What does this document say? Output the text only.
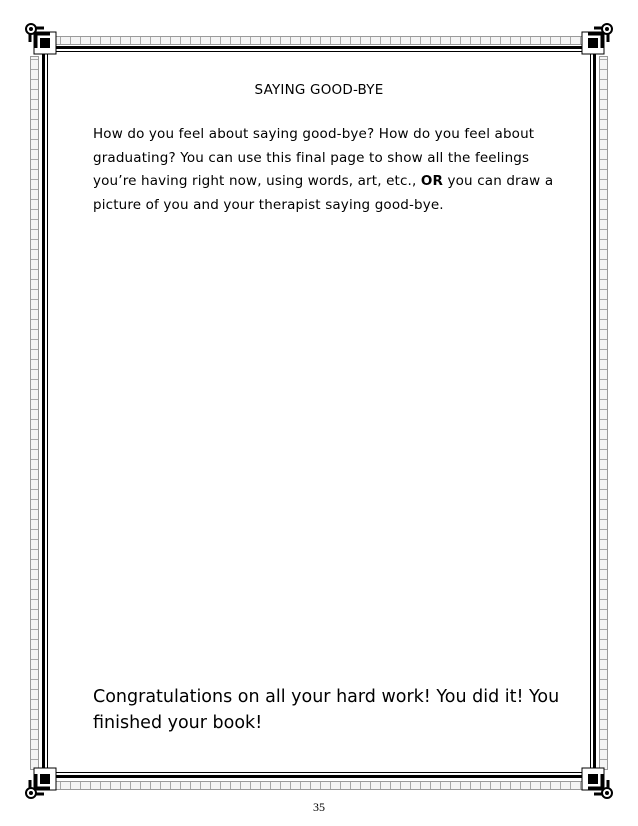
SAYING GOOD-BYE
How do you feel about saying good-bye? How do you feel about graduating? You can use this final page to show all the feelings you’re having right now, using words, art, etc., OR you can draw a picture of you and your therapist saying good-bye.
Congratulations on all your hard work! You did it! You finished your book!
35
